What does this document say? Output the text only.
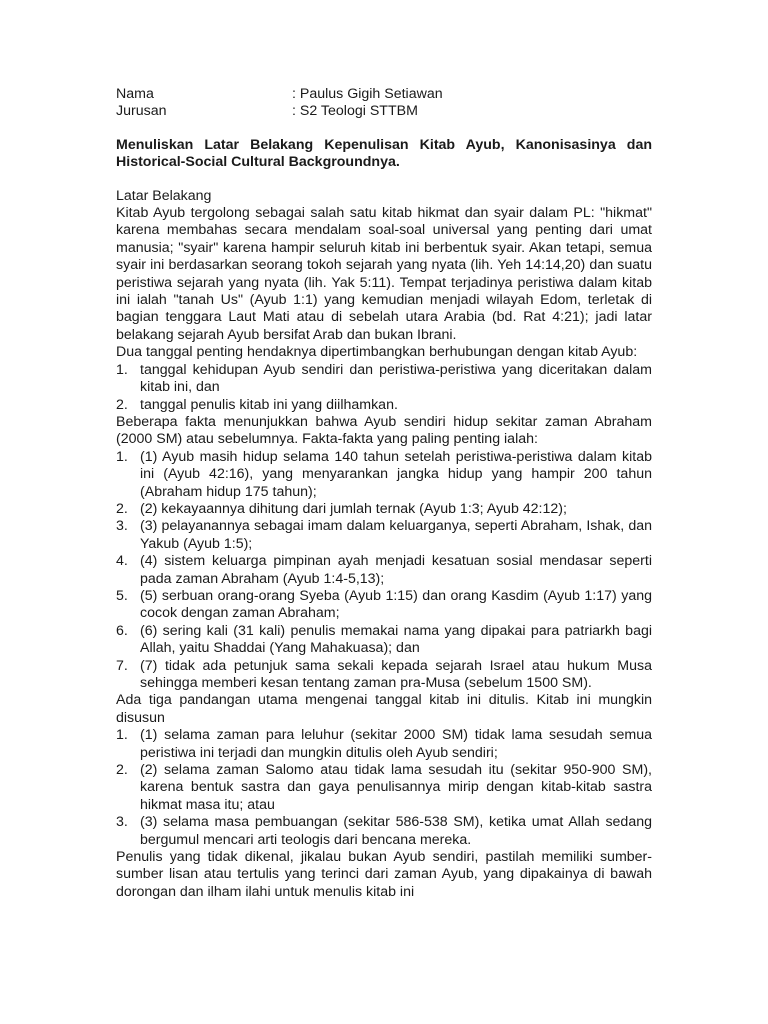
Nama	: Paulus Gigih Setiawan
Jurusan	: S2 Teologi STTBM

Menuliskan Latar Belakang Kepenulisan Kitab Ayub, Kanonisasinya dan Historical-Social Cultural Backgroundnya.

Latar Belakang

Kitab Ayub tergolong sebagai salah satu kitab hikmat dan syair dalam PL: "hikmat" karena membahas secara mendalam soal-soal universal yang penting dari umat manusia; "syair" karena hampir seluruh kitab ini berbentuk syair. Akan tetapi, semua syair ini berdasarkan seorang tokoh sejarah yang nyata (lih. Yeh 14:14,20) dan suatu peristiwa sejarah yang nyata (lih. Yak 5:11). Tempat terjadinya peristiwa dalam kitab ini ialah "tanah Us" (Ayub 1:1) yang kemudian menjadi wilayah Edom, terletak di bagian tenggara Laut Mati atau di sebelah utara Arabia (bd. Rat 4:21); jadi latar belakang sejarah Ayub bersifat Arab dan bukan Ibrani.

Dua tanggal penting hendaknya dipertimbangkan berhubungan dengan kitab Ayub:

1. tanggal kehidupan Ayub sendiri dan peristiwa-peristiwa yang diceritakan dalam kitab ini, dan
2. tanggal penulis kitab ini yang diilhamkan.

Beberapa fakta menunjukkan bahwa Ayub sendiri hidup sekitar zaman Abraham (2000 SM) atau sebelumnya. Fakta-fakta yang paling penting ialah:

1. (1) Ayub masih hidup selama 140 tahun setelah peristiwa-peristiwa dalam kitab ini (Ayub 42:16), yang menyarankan jangka hidup yang hampir 200 tahun (Abraham hidup 175 tahun);
2. (2) kekayaannya dihitung dari jumlah ternak (Ayub 1:3; Ayub 42:12);
3. (3) pelayanannya sebagai imam dalam keluarganya, seperti Abraham, Ishak, dan Yakub (Ayub 1:5);
4. (4) sistem keluarga pimpinan ayah menjadi kesatuan sosial mendasar seperti pada zaman Abraham (Ayub 1:4-5,13);
5. (5) serbuan orang-orang Syeba (Ayub 1:15) dan orang Kasdim (Ayub 1:17) yang cocok dengan zaman Abraham;
6. (6) sering kali (31 kali) penulis memakai nama yang dipakai para patriarkh bagi Allah, yaitu Shaddai (Yang Mahakuasa); dan
7. (7) tidak ada petunjuk sama sekali kepada sejarah Israel atau hukum Musa sehingga memberi kesan tentang zaman pra-Musa (sebelum 1500 SM).

Ada tiga pandangan utama mengenai tanggal kitab ini ditulis. Kitab ini mungkin disusun

1. (1) selama zaman para leluhur (sekitar 2000 SM) tidak lama sesudah semua peristiwa ini terjadi dan mungkin ditulis oleh Ayub sendiri;
2. (2) selama zaman Salomo atau tidak lama sesudah itu (sekitar 950-900 SM), karena bentuk sastra dan gaya penulisannya mirip dengan kitab-kitab sastra hikmat masa itu; atau
3. (3) selama masa pembuangan (sekitar 586-538 SM), ketika umat Allah sedang bergumul mencari arti teologis dari bencana mereka.

Penulis yang tidak dikenal, jikalau bukan Ayub sendiri, pastilah memiliki sumber-sumber lisan atau tertulis yang terinci dari zaman Ayub, yang dipakainya di bawah dorongan dan ilham ilahi untuk menulis kitab ini
